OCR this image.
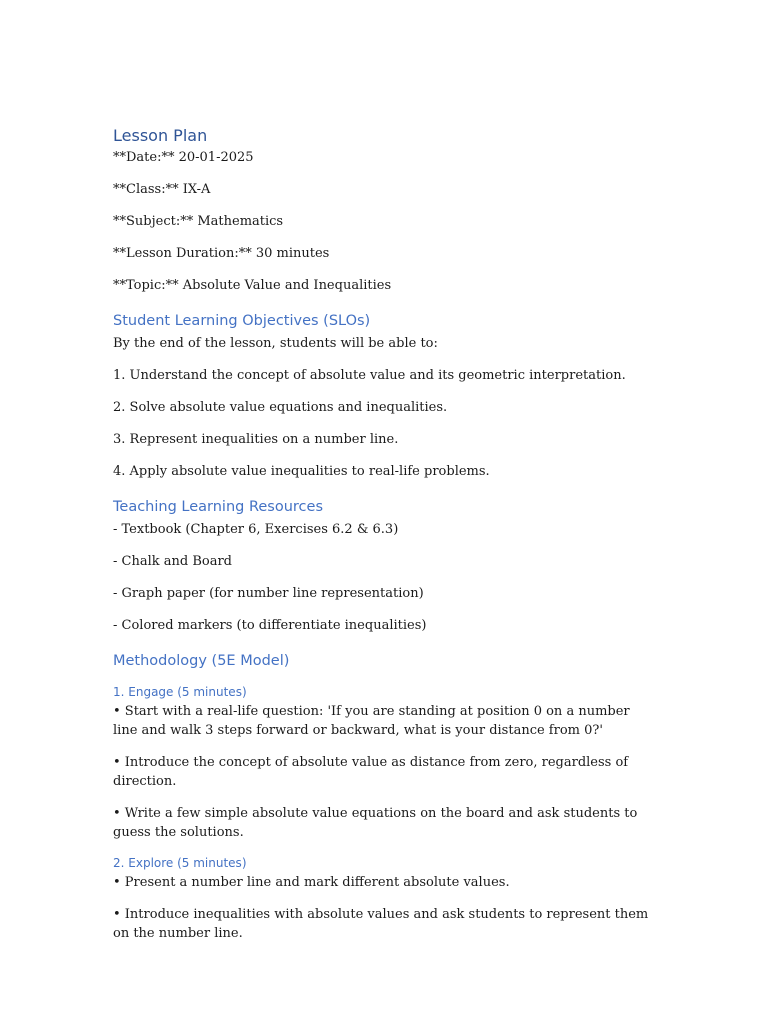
Lesson Plan

**Date:** 20-01-2025

**Class:** IX-A

**Subject:** Mathematics

**Lesson Duration:** 30 minutes

**Topic:** Absolute Value and Inequalities

Student Learning Objectives (SLOs)

By the end of the lesson, students will be able to:

1. Understand the concept of absolute value and its geometric interpretation.

2. Solve absolute value equations and inequalities.

3. Represent inequalities on a number line.

4. Apply absolute value inequalities to real-life problems.

Teaching Learning Resources

- Textbook (Chapter 6, Exercises 6.2 & 6.3)

- Chalk and Board

- Graph paper (for number line representation)

- Colored markers (to differentiate inequalities)

Methodology (5E Model)
1. Engage (5 minutes)

• Start with a real-life question: 'If you are standing at position 0 on a number line and walk 3 steps forward or backward, what is your distance from 0?'

• Introduce the concept of absolute value as distance from zero, regardless of direction.

• Write a few simple absolute value equations on the board and ask students to guess the solutions.

2. Explore (5 minutes)

• Present a number line and mark different absolute values.

• Introduce inequalities with absolute values and ask students to represent them on the number line.
